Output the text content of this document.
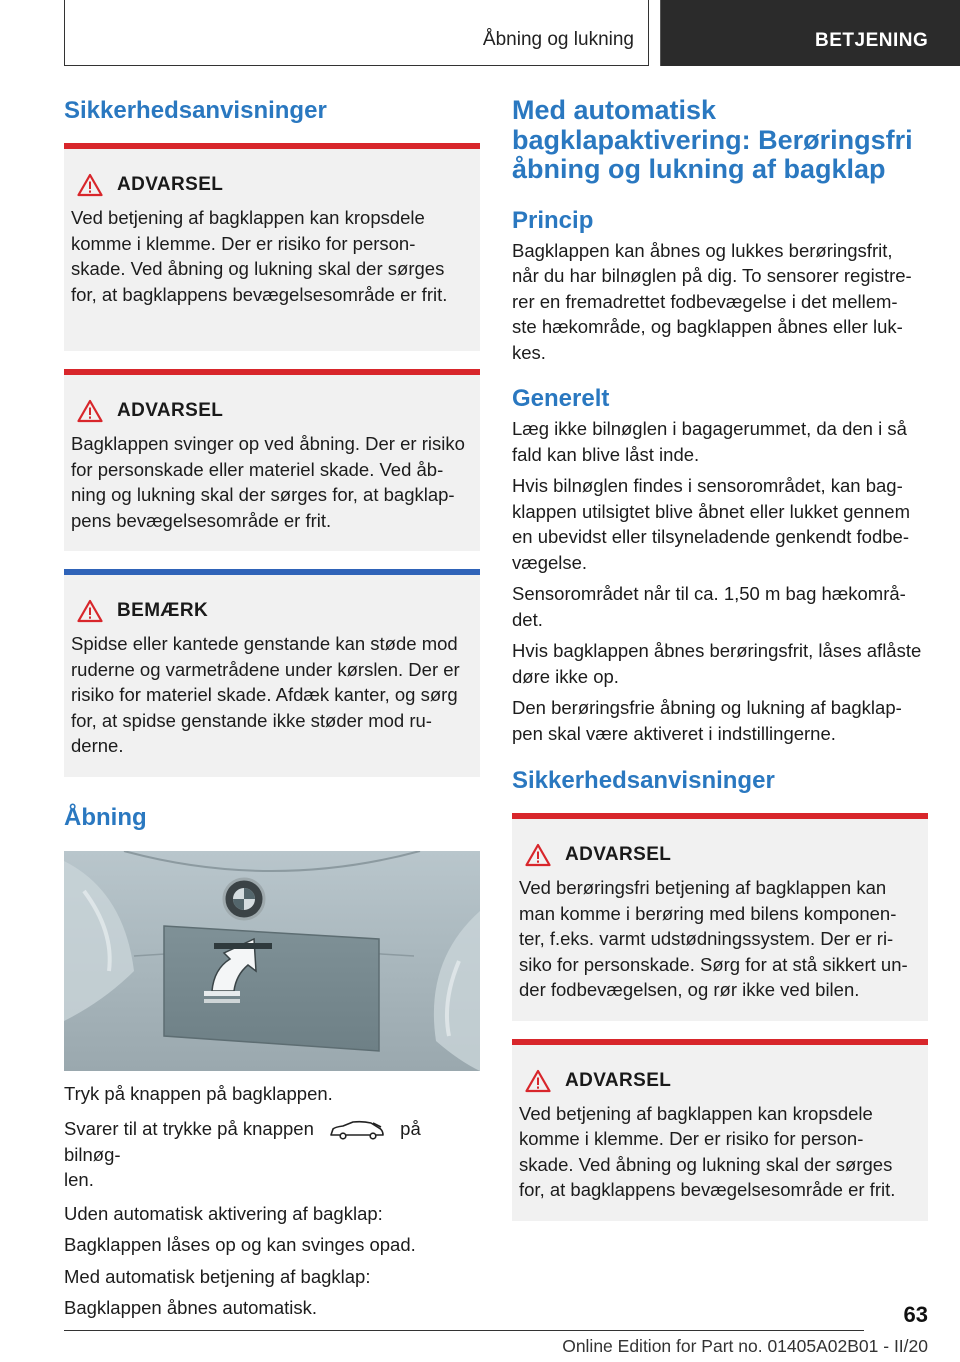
Åbning og lukning	BETJENING
Sikkerhedsanvisninger
ADVARSEL

Ved betjening af bagklappen kan kropsdele
komme i klemme. Der er risiko for person-
skade. Ved åbning og lukning skal der sørges
for, at bagklappens bevægelsesområde er frit.

ADVARSEL

Bagklappen svinger op ved åbning. Der er risiko
for personskade eller materiel skade. Ved åb-
ning og lukning skal der sørges for, at bagklap-
pens bevægelsesområde er frit.

BEMÆRK

Spidse eller kantede genstande kan støde mod
ruderne og varmetrådene under kørslen. Der er
risiko for materiel skade. Afdæk kanter, og sørg
for, at spidse genstande ikke støder mod ru-
derne.

Åbning

Tryk på knappen på bagklappen.

Svarer til at trykke på knappen	på bilnøg-
len.

Uden automatisk aktivering af bagklap:

Bagklappen låses op og kan svinges opad.

Med automatisk betjening af bagklap:

Bagklappen åbnes automatisk.

Med automatisk
bagklapaktivering: Berøringsfri
åbning og lukning af bagklap
Princip

Bagklappen kan åbnes og lukkes berøringsfrit,
når du har bilnøglen på dig. To sensorer registre-
rer en fremadrettet fodbevægelse i det mellem-
ste hækområde, og bagklappen åbnes eller luk-
kes.

Generelt

Læg ikke bilnøglen i bagagerummet, da den i så
fald kan blive låst inde.

Hvis bilnøglen findes i sensorområdet, kan bag-
klappen utilsigtet blive åbnet eller lukket gennem
en ubevidst eller tilsyneladende genkendt fodbe-
vægelse.

Sensorområdet når til ca. 1,50 m bag hækområ-
det.

Hvis bagklappen åbnes berøringsfrit, låses aflåste
døre ikke op.

Den berøringsfrie åbning og lukning af bagklap-
pen skal være aktiveret i indstillingerne.

Sikkerhedsanvisninger
ADVARSEL

Ved berøringsfri betjening af bagklappen kan
man komme i berøring med bilens komponen-
ter, f.eks. varmt udstødningssystem. Der er ri-
siko for personskade. Sørg for at stå sikkert un-
der fodbevægelsen, og rør ikke ved bilen.

ADVARSEL

Ved betjening af bagklappen kan kropsdele
komme i klemme. Der er risiko for person-
skade. Ved åbning og lukning skal der sørges
for, at bagklappens bevægelsesområde er frit.

63
Online Edition for Part no. 01405A02B01 - II/20
